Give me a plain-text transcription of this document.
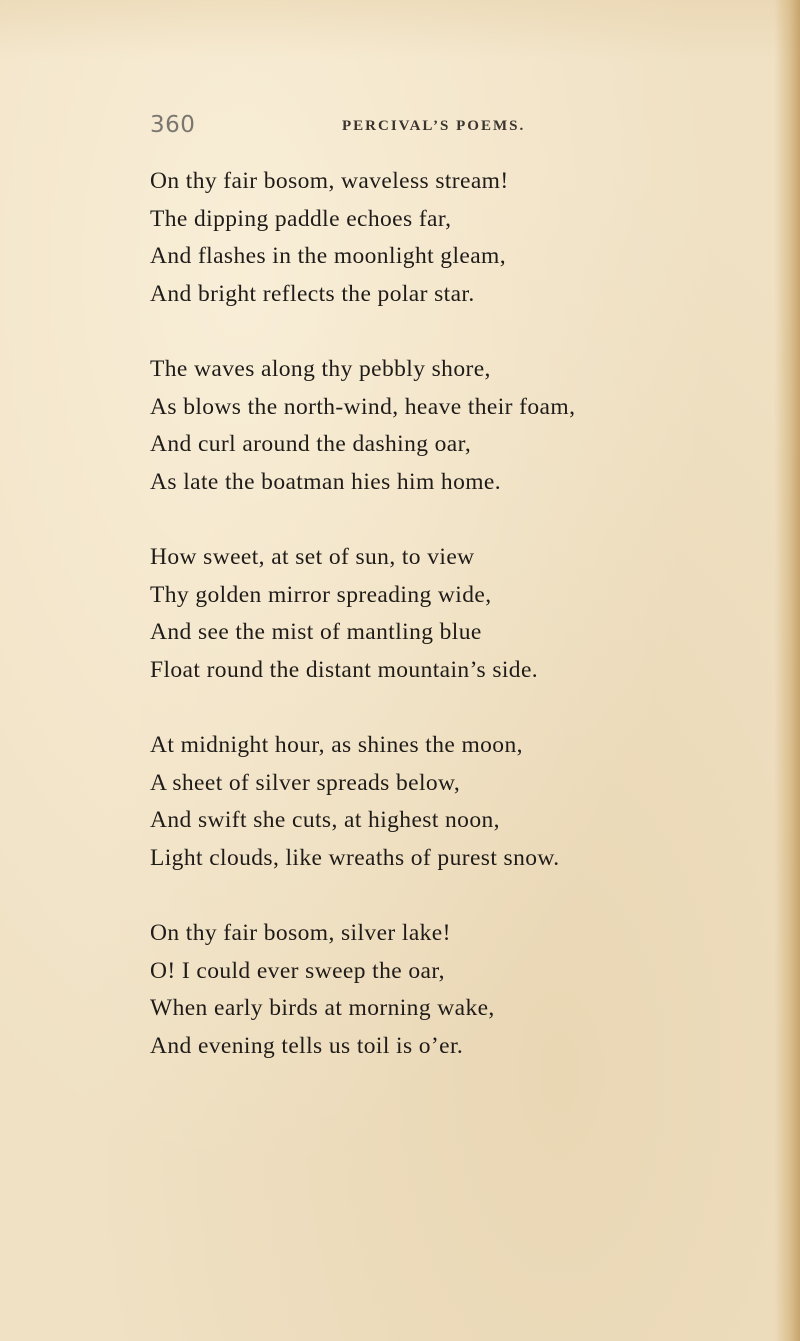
360	PERCIVAL’S POEMS.
On thy fair bosom, waveless stream!
The dipping paddle echoes far,
And flashes in the moonlight gleam,
And bright reflects the polar star.
The waves along thy pebbly shore,
As blows the north-wind, heave their foam,
And curl around the dashing oar,
As late the boatman hies him home.
How sweet, at set of sun, to view
Thy golden mirror spreading wide,
And see the mist of mantling blue
Float round the distant mountain’s side.
At midnight hour, as shines the moon,
A sheet of silver spreads below,
And swift she cuts, at highest noon,
Light clouds, like wreaths of purest snow.
On thy fair bosom, silver lake!
O! I could ever sweep the oar,
When early birds at morning wake,
And evening tells us toil is o’er.
